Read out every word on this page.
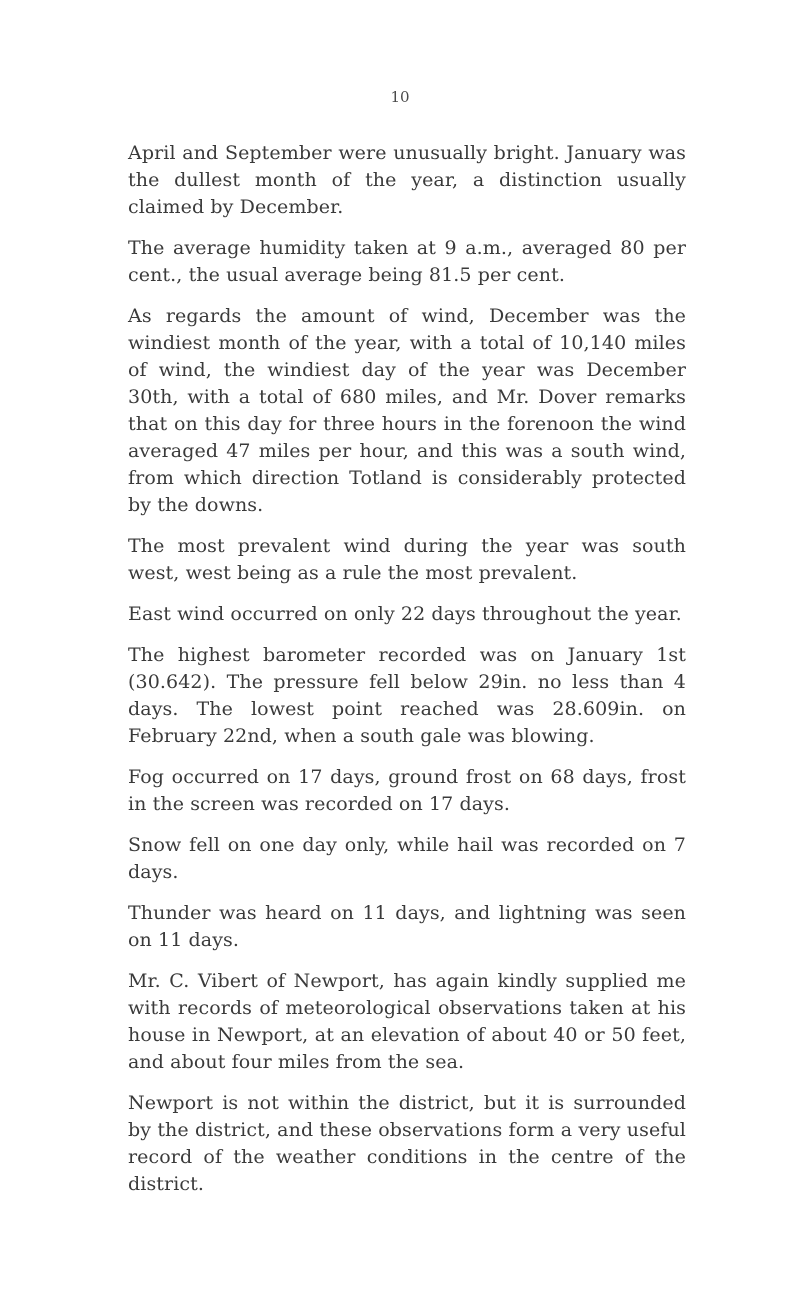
10

April and September were unusually bright. January was the dullest month of the year, a distinction usually claimed by December.

The average humidity taken at 9 a.m., averaged 80 per cent., the usual average being 81.5 per cent.

As regards the amount of wind, December was the windiest month of the year, with a total of 10,140 miles of wind, the windiest day of the year was December 30th, with a total of 680 miles, and Mr. Dover remarks that on this day for three hours in the forenoon the wind averaged 47 miles per hour, and this was a south wind, from which direction Totland is considerably protected by the downs.

The most prevalent wind during the year was south west, west being as a rule the most prevalent.

East wind occurred on only 22 days throughout the year.

The highest barometer recorded was on January 1st (30.642). The pressure fell below 29in. no less than 4 days. The lowest point reached was 28.609in. on February 22nd, when a south gale was blowing.

Fog occurred on 17 days, ground frost on 68 days, frost in the screen was recorded on 17 days.

Snow fell on one day only, while hail was recorded on 7 days.

Thunder was heard on 11 days, and lightning was seen on 11 days.

Mr. C. Vibert of Newport, has again kindly supplied me with records of meteorological observations taken at his house in Newport, at an elevation of about 40 or 50 feet, and about four miles from the sea.

Newport is not within the district, but it is surrounded by the district, and these observations form a very useful record of the weather conditions in the centre of the district.
